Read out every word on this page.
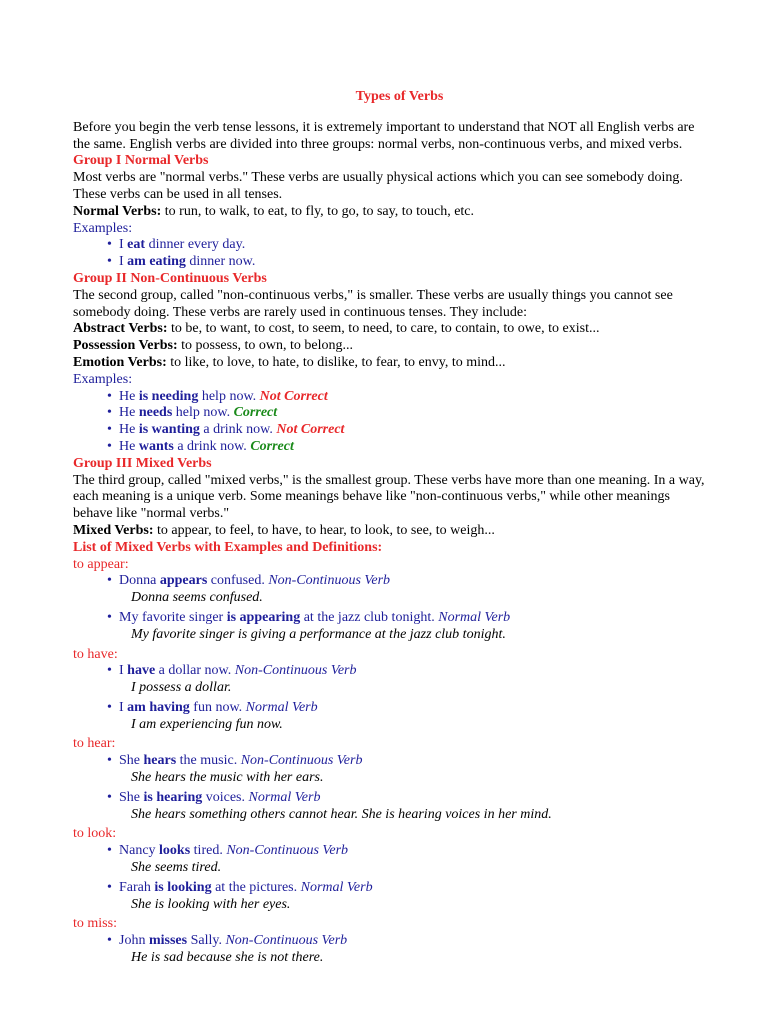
Types of Verbs

Before you begin the verb tense lessons, it is extremely important to understand that NOT all English verbs are the same. English verbs are divided into three groups: normal verbs, non-continuous verbs, and mixed verbs.

Group I Normal Verbs

Most verbs are "normal verbs." These verbs are usually physical actions which you can see somebody doing. These verbs can be used in all tenses.

Normal Verbs: to run, to walk, to eat, to fly, to go, to say, to touch, etc.

Examples:

• I eat dinner every day.
• I am eating dinner now.

Group II Non-Continuous Verbs

The second group, called "non-continuous verbs," is smaller. These verbs are usually things you cannot see somebody doing. These verbs are rarely used in continuous tenses. They include:

Abstract Verbs: to be, to want, to cost, to seem, to need, to care, to contain, to owe, to exist...

Possession Verbs: to possess, to own, to belong...

Emotion Verbs: to like, to love, to hate, to dislike, to fear, to envy, to mind...

Examples:

• He is needing help now. Not Correct
• He needs help now. Correct
• He is wanting a drink now. Not Correct
• He wants a drink now. Correct

Group III Mixed Verbs

The third group, called "mixed verbs," is the smallest group. These verbs have more than one meaning. In a way, each meaning is a unique verb. Some meanings behave like "non-continuous verbs," while other meanings behave like "normal verbs."

Mixed Verbs: to appear, to feel, to have, to hear, to look, to see, to weigh...

List of Mixed Verbs with Examples and Definitions:

to appear:

• Donna appears confused. Non-Continuous Verb
Donna seems confused.
• My favorite singer is appearing at the jazz club tonight. Normal Verb
My favorite singer is giving a performance at the jazz club tonight.

to have:

• I have a dollar now. Non-Continuous Verb
I possess a dollar.
• I am having fun now. Normal Verb
I am experiencing fun now.

to hear:

• She hears the music. Non-Continuous Verb
She hears the music with her ears.
• She is hearing voices. Normal Verb
She hears something others cannot hear. She is hearing voices in her mind.

to look:

• Nancy looks tired. Non-Continuous Verb
She seems tired.
• Farah is looking at the pictures. Normal Verb
She is looking with her eyes.

to miss:

• John misses Sally. Non-Continuous Verb
He is sad because she is not there.
